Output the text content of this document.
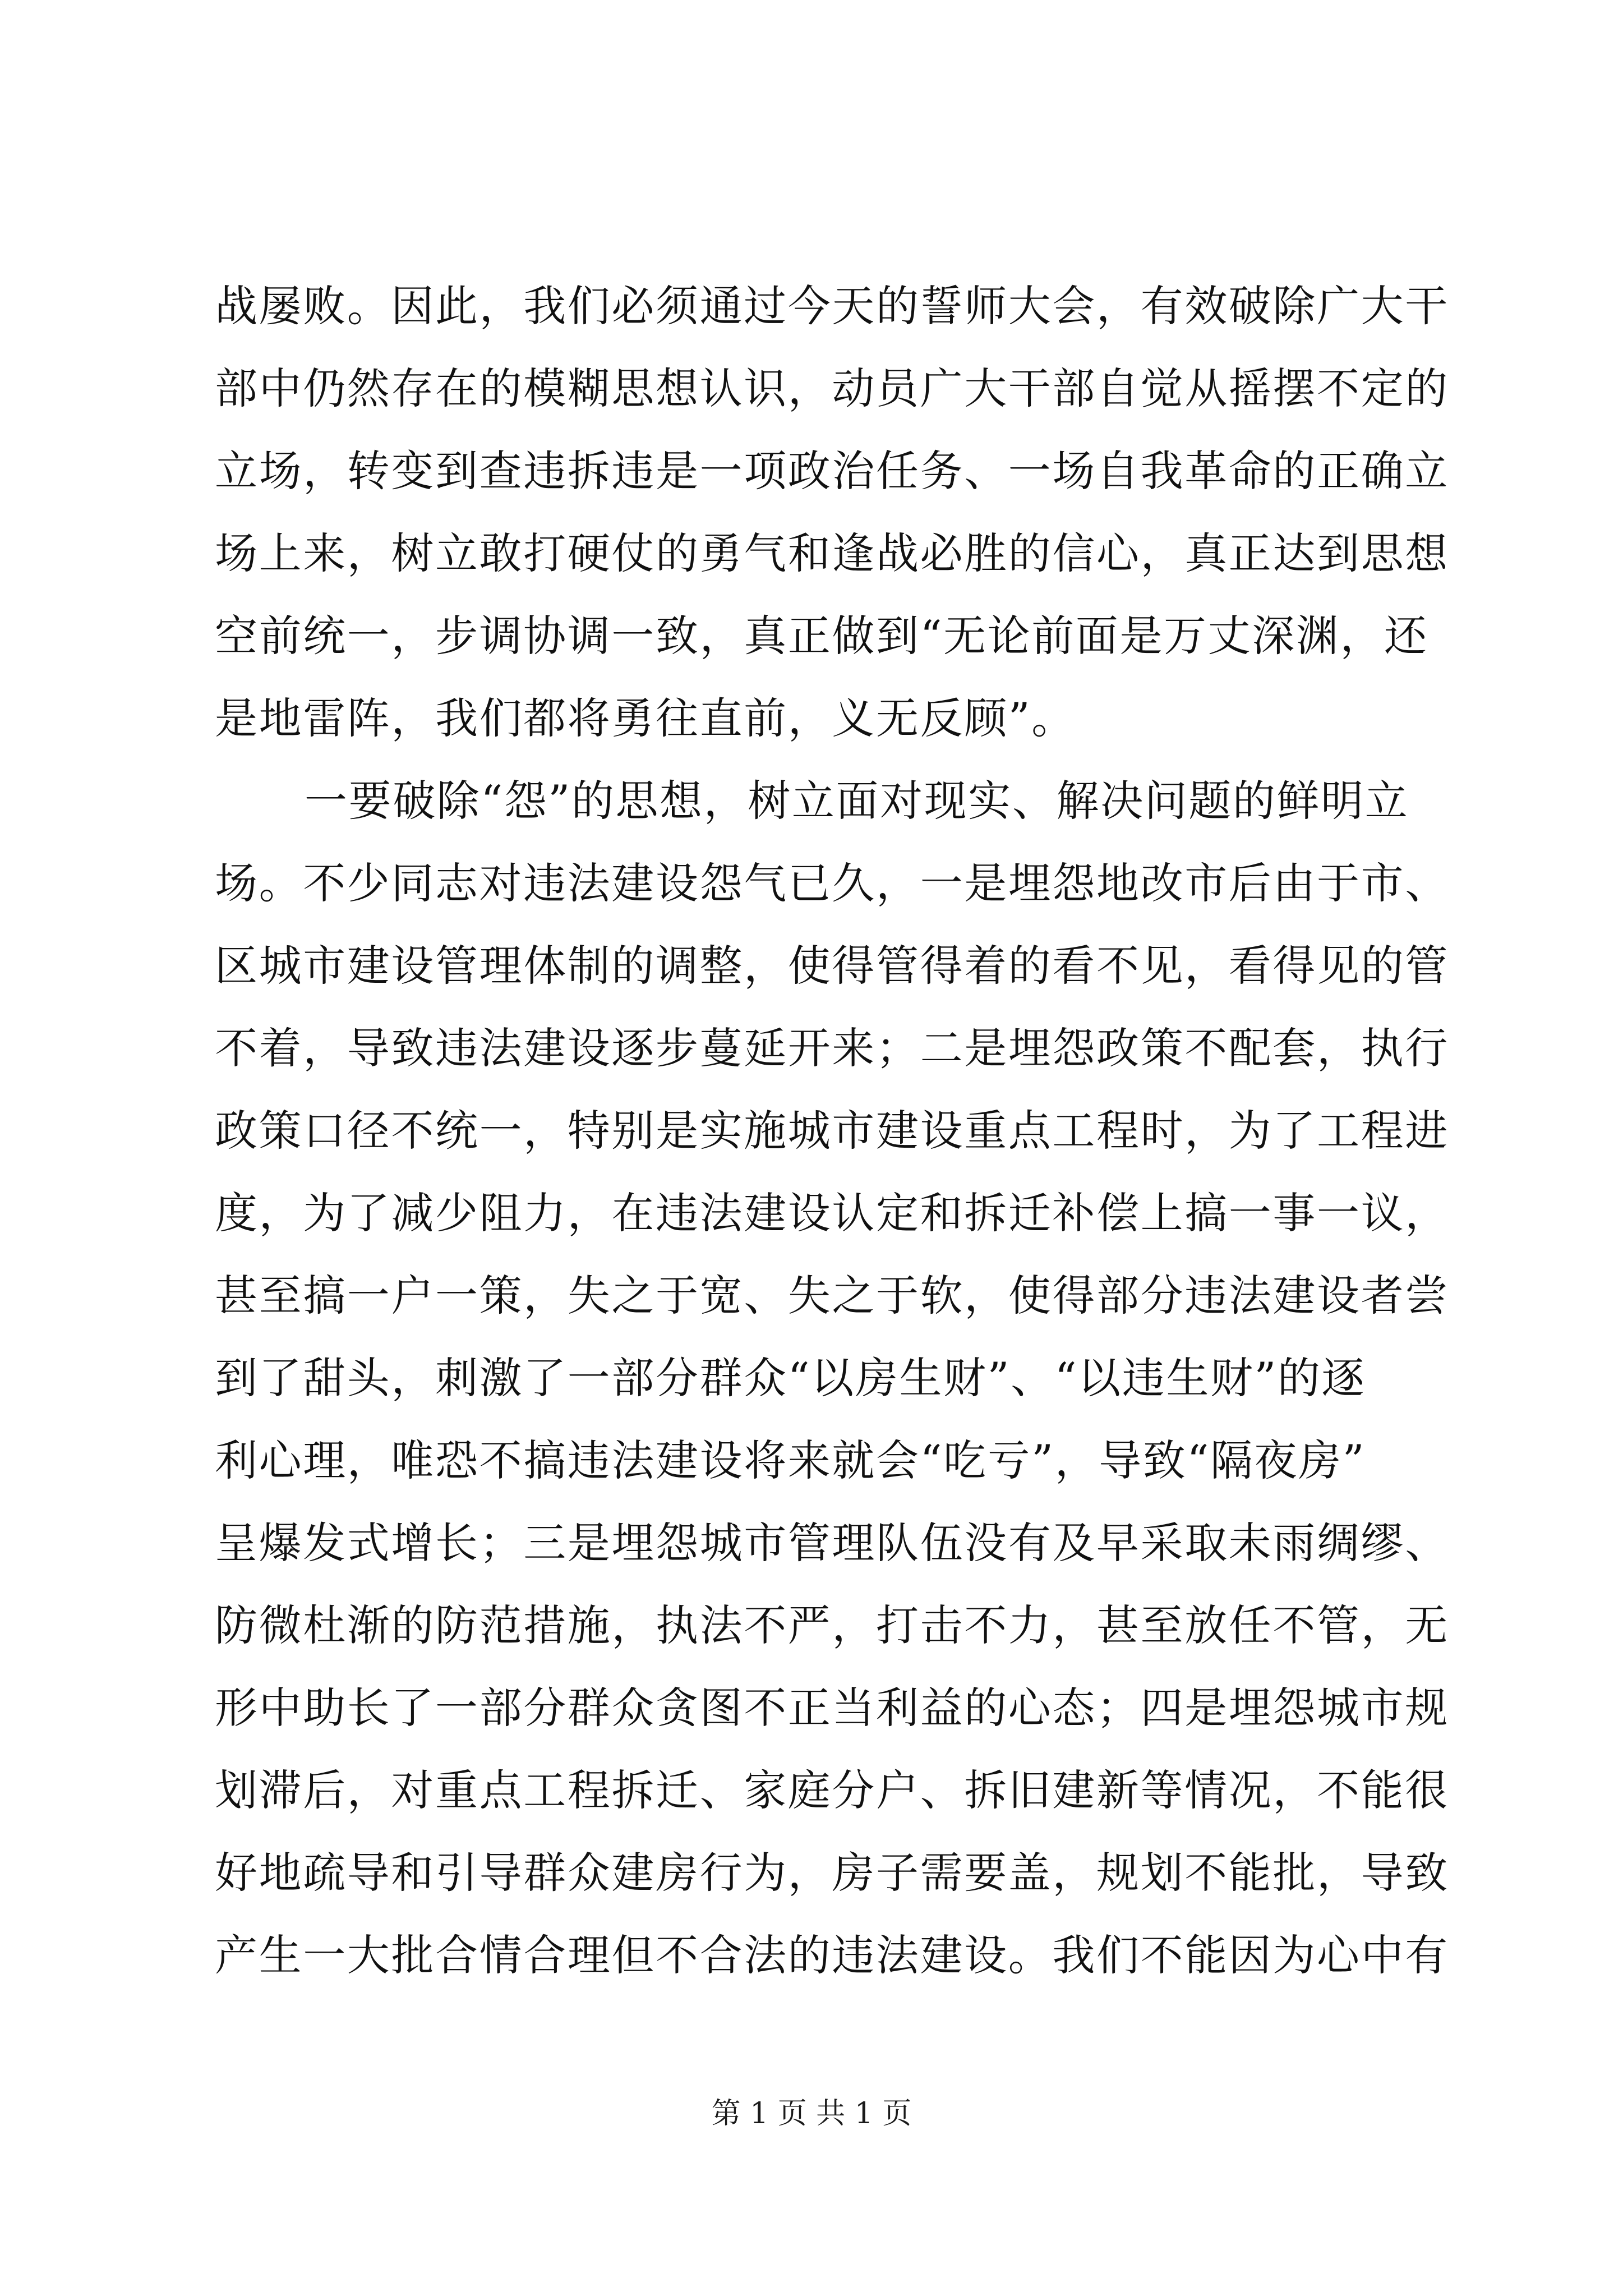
战屡败。因此，我们必须通过今天的誓师大会，有效破除广大干
部中仍然存在的模糊思想认识，动员广大干部自觉从摇摆不定的
立场，转变到查违拆违是一项政治任务、一场自我革命的正确立
场上来，树立敢打硬仗的勇气和逢战必胜的信心，真正达到思想
空前统一，步调协调一致，真正做到“无论前面是万丈深渊，还
是地雷阵，我们都将勇往直前，义无反顾”。
一要破除“怨”的思想，树立面对现实、解决问题的鲜明立
场。不少同志对违法建设怨气已久，一是埋怨地改市后由于市、
区城市建设管理体制的调整，使得管得着的看不见，看得见的管
不着，导致违法建设逐步蔓延开来；二是埋怨政策不配套，执行
政策口径不统一，特别是实施城市建设重点工程时，为了工程进
度，为了减少阻力，在违法建设认定和拆迁补偿上搞一事一议，
甚至搞一户一策，失之于宽、失之于软，使得部分违法建设者尝
到了甜头，刺激了一部分群众“以房生财”、“以违生财”的逐
利心理，唯恐不搞违法建设将来就会“吃亏”，导致“隔夜房”
呈爆发式增长；三是埋怨城市管理队伍没有及早采取未雨绸缪、
防微杜渐的防范措施，执法不严，打击不力，甚至放任不管，无
形中助长了一部分群众贪图不正当利益的心态；四是埋怨城市规
划滞后，对重点工程拆迁、家庭分户、拆旧建新等情况，不能很
好地疏导和引导群众建房行为，房子需要盖，规划不能批，导致
产生一大批合情合理但不合法的违法建设。我们不能因为心中有
第 1 页 共 1 页
